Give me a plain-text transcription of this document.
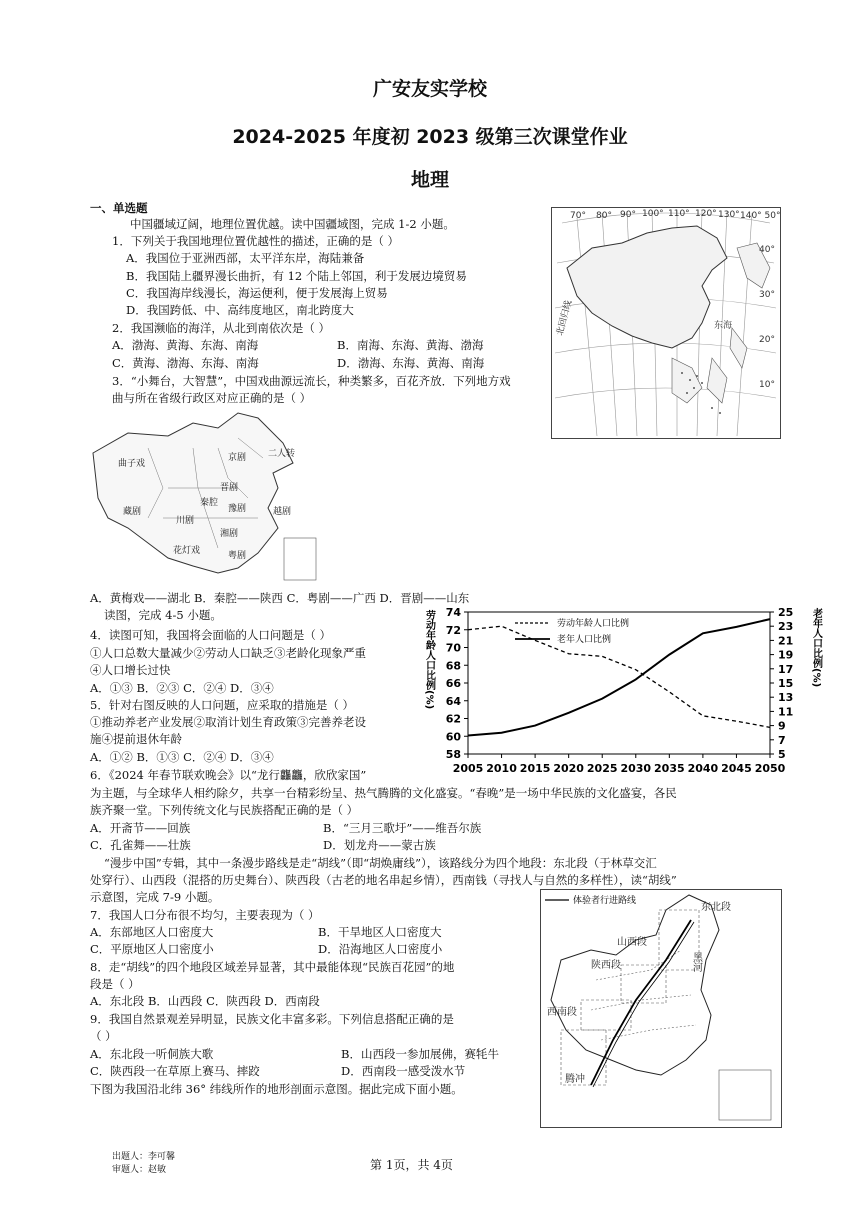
广安友实学校
2024-2025 年度初 2023 级第三次课堂作业
地理
一、单选题
中国疆域辽阔，地理位置优越。读中国疆域图，完成 1-2 小题。
1．下列关于我国地理位置优越性的描述，正确的是（ ）
A．我国位于亚洲西部，太平洋东岸，海陆兼备
B．我国陆上疆界漫长曲折，有 12 个陆上邻国，利于发展边境贸易
C．我国海岸线漫长，海运便利，便于发展海上贸易
D．我国跨低、中、高纬度地区，南北跨度大
2．我国濒临的海洋，从北到南依次是（ ）
A．渤海、黄海、东海、南海	B．南海、东海、黄海、渤海
C．黄海、渤海、东海、南海	D．渤海、东海、黄海、南海
3．“小舞台，大智慧”，中国戏曲源远流长，种类繁多，百花齐放．下列地方戏
曲与所在省级行政区对应正确的是（ ）
70° 80° 90° 100° 110° 120° 130° 140° 50°
40°
30°
20°
10°
东海
北回归线
曲子戏
京剧 二人转
晋剧
秦腔
豫剧
藏剧
川剧
越剧
湘剧
花灯戏	粤剧
A．黄梅戏——湖北 B．秦腔——陕西 C．粤剧——广西 D．晋剧——山东
读图，完成 4-5 小题。
4．读图可知，我国将会面临的人口问题是（ ）
①人口总数大量减少②劳动人口缺乏③老龄化现象严重
④人口增长过快
A．①③ B．②③ C．②④ D．③④
5．针对右图反映的人口问题，应采取的措施是（ ）
①推动养老产业发展②取消计划生育政策③完善养老设
施④提前退休年龄
A．①② B．①③ C．②④ D．③④
劳动年龄人口比例(%)	老年人口比例(%)
74
72
70
68
66
64
62
60
58
25
23
21
19
17
15
13
11
9
7
5
2005 2010 2015 2020 2025 2030 2035 2040 2045 2050
劳动年龄人口比例
老年人口比例
6．《2024 年春节联欢晚会》以“龙行龘龘，欣欣家国”
为主题，与全球华人相约除夕，共享一台精彩纷呈、热气腾腾的文化盛宴。“春晚”是一场中华民族的文化盛宴，各民
族齐聚一堂。下列传统文化与民族搭配正确的是（ ）
A．开斋节——回族	B．“三月三歌圩”——维吾尔族
C．孔雀舞——壮族	D．划龙舟——蒙古族
“漫步中国”专辑，其中一条漫步路线是走“胡线”（即“胡焕庸线”），该路线分为四个地段：东北段（于林草交汇
处穿行）、山西段（混搭的历史舞台）、陕西段（古老的地名串起乡情），西南钱（寻找人与自然的多样性），读“胡线”
示意图，完成 7-9 小题。
7．我国人口分布很不均匀，主要表现为（ ）
A．东部地区人口密度大	B．干旱地区人口密度大
C．平原地区人口密度小	D．沿海地区人口密度小
8．走“胡线”的四个地段区域差异显著，其中最能体现“民族百花园”的地
段是（ ）
A．东北段 B．山西段 C．陕西段 D．西南段
9．我国自然景观差异明显，民族文化丰富多彩。下列信息搭配正确的是
（ ）
A．东北段一听侗族大歌	B．山西段一参加展佛，赛牦牛
C．陕西段一在草原上赛马、摔跤	D．西南段一感受泼水节
下图为我国沿北纬 36° 纬线所作的地形剖面示意图。据此完成下面小题。
体验者行进路线
东北段
黑河
山西段
陕西段
西南段
腾冲
出题人：李可馨
审题人：赵敏	第 1页，共 4页
